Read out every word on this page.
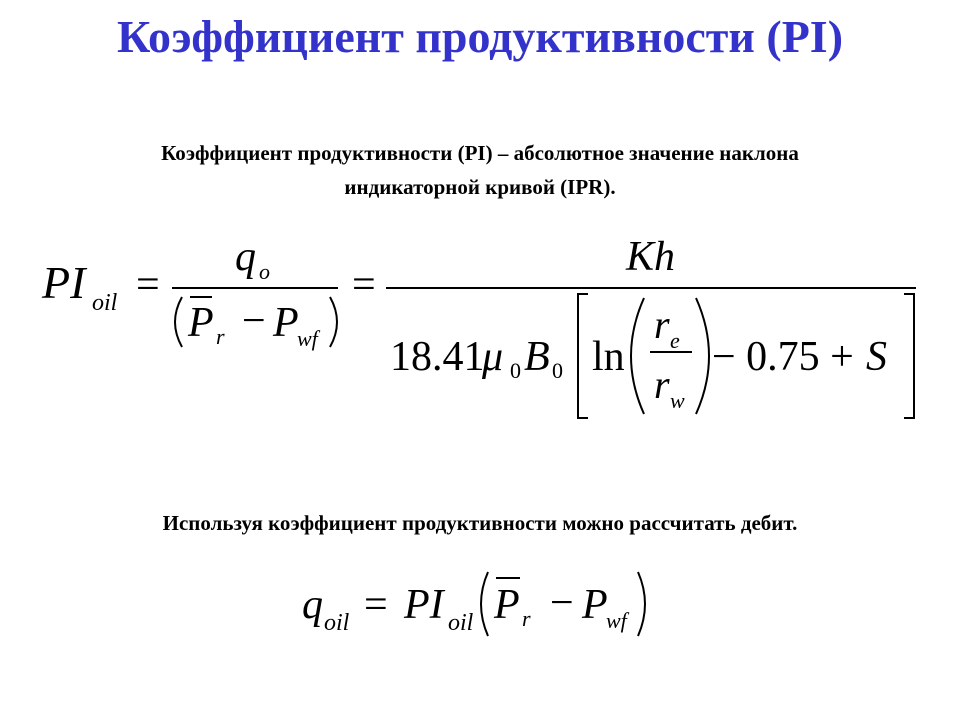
Коэффициент продуктивности (PI)
Коэффициент продуктивности (PI) – абсолютное значение наклона
индикаторной кривой (IPR).
PI oil =
q o
P r − P
wf
=
Kh
18.41
μ 0 B 0 ln
r e
r w
− 0.75 + S
q oil = PI oil P r − P
wf
Используя коэффициент продуктивности можно рассчитать дебит.
